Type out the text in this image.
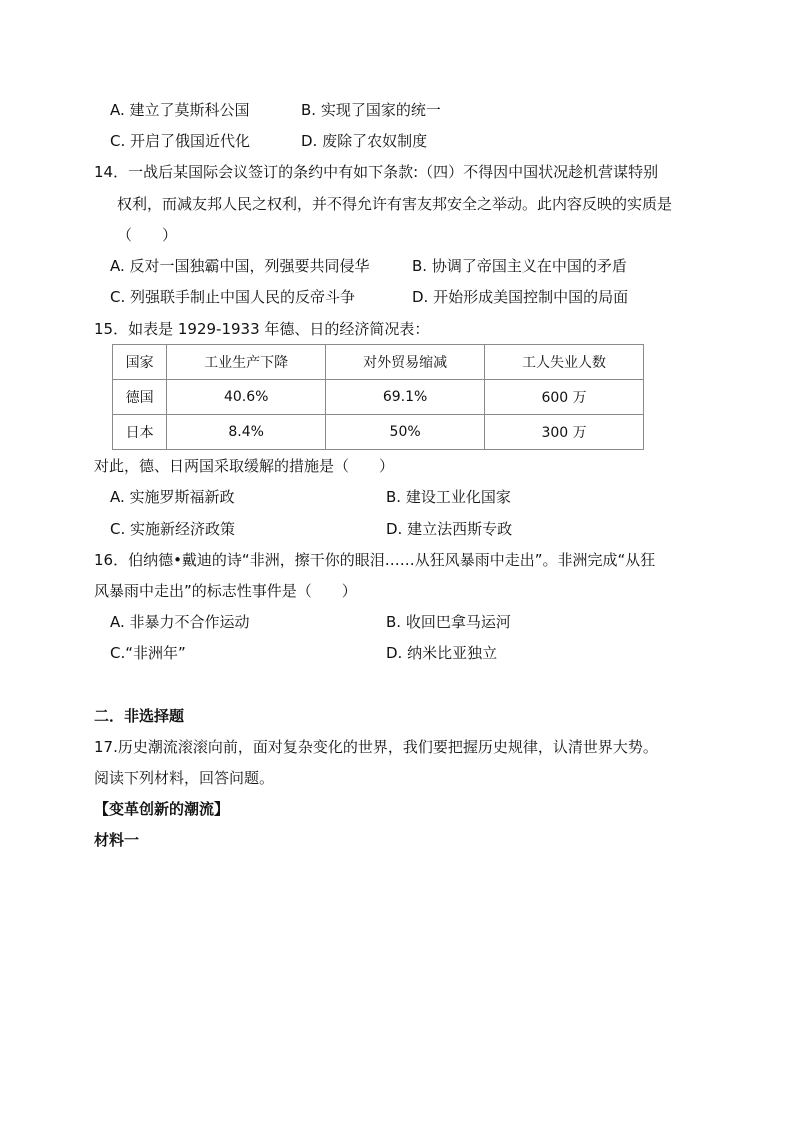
A. 建立了莫斯科公国	B. 实现了国家的统一
C. 开启了俄国近代化	D. 废除了农奴制度
14．一战后某国际会议签订的条约中有如下条款:（四）不得因中国状况趁机营谋特别
权利，而减友邦人民之权利，并不得允许有害友邦安全之举动。此内容反映的实质是
（　　）
A. 反对一国独霸中国，列强要共同侵华	B. 协调了帝国主义在中国的矛盾
C. 列强联手制止中国人民的反帝斗争	D. 开始形成美国控制中国的局面
15．如表是 1929-1933 年德、日的经济简况表：
国家	工业生产下降	对外贸易缩减	工人失业人数
德国	40.6%	69.1%	600 万
日本	8.4%	50%	300 万
对此，德、日两国采取缓解的措施是（　　）
A. 实施罗斯福新政	B. 建设工业化国家
C. 实施新经济政策	D. 建立法西斯专政
16．伯纳德•戴迪的诗“非洲，擦干你的眼泪……从狂风暴雨中走出”。非洲完成“从狂
风暴雨中走出”的标志性事件是（　　）
A. 非暴力不合作运动	B. 收回巴拿马运河
C.“非洲年”	D. 纳米比亚独立
二．非选择题
17.历史潮流滚滚向前，面对复杂变化的世界，我们要把握历史规律，认清世界大势。
阅读下列材料，回答问题。
【变革创新的潮流】
材料一
